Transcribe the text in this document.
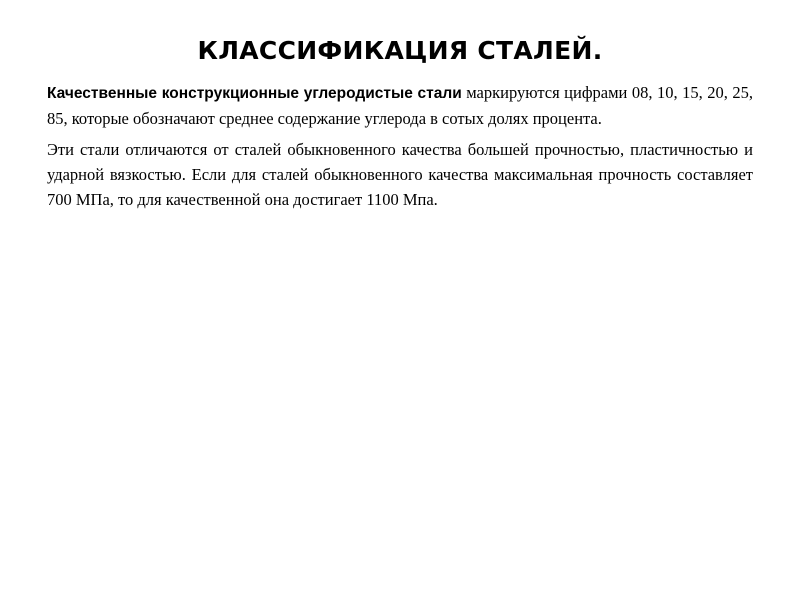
КЛАССИФИКАЦИЯ СТАЛЕЙ.

Качественные конструкционные углеродистые стали маркируются цифрами 08, 10, 15, 20, 25, 85, которые обозначают среднее содержание углерода в сотых долях процента.

Эти стали отличаются от сталей обыкновенного качества большей прочностью, пластичностью и ударной вязкостью. Если для сталей обыкновенного качества максимальная прочность составляет 700 МПа, то для качественной она достигает 1100 Мпа.
